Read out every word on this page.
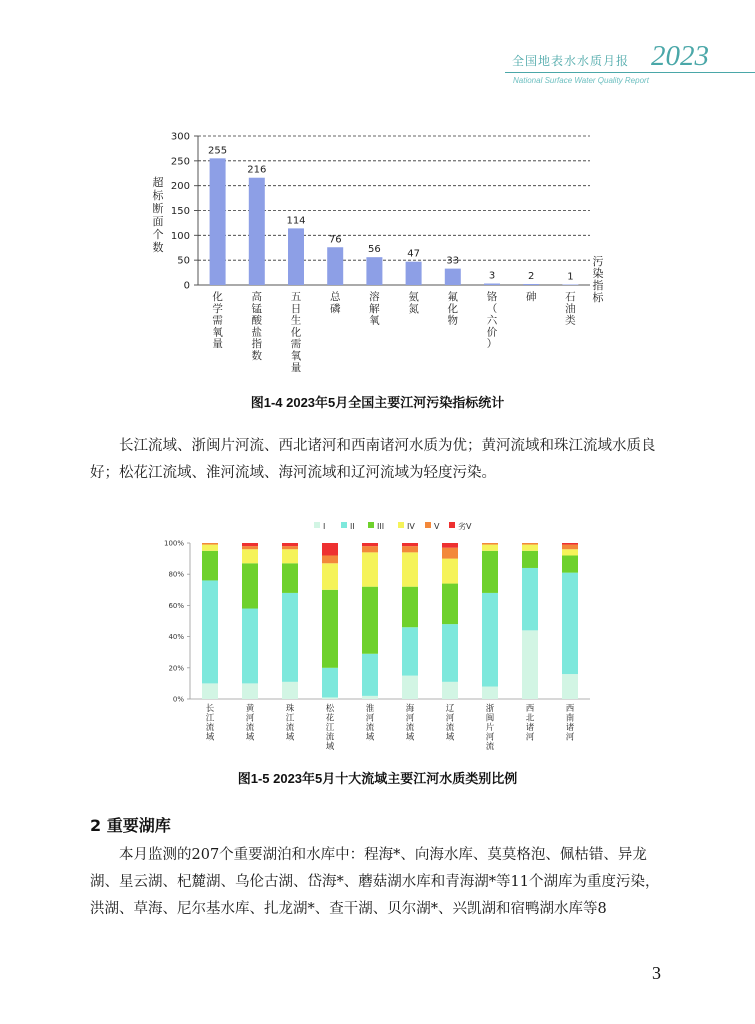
全国地表水水质月报 2023
National Surface Water Quality Report
0
50
100
150
200
250
300
超
标
断
面
个
数
污
染
指
标
255
化
学
需
氧
量
216
高
锰
酸
盐
指
数
114
五
日
生
化
需
氧
量
76
总
磷
56
溶
解
氧
47
氨
氮
33
氟
化
物
3
铬
（
六
价
）
2
砷
1
石
油
类
图1-4 2023年5月全国主要江河污染指标统计

长江流域、浙闽片河流、西北诸河和西南诸河水质为优；黄河流域和珠江流域水质良好；松花江流域、淮河流域、海河流域和辽河流域为轻度污染。

I	II	III	IV V 劣V
0%
20%
40%
60%
80%
100%
长
江
流
域
黄
河
流
域
珠
江
流
域
松
花
江
流
域
淮
河
流
域
海
河
流
域
辽
河
流
域
浙
闽
片
河
流
西
北
诸
河
西
南
诸
河
图1-5 2023年5月十大流域主要江河水质类别比例
2 重要湖库

本月监测的207个重要湖泊和水库中：程海*、向海水库、莫莫格泡、佩枯错、异龙湖、星云湖、杞麓湖、乌伦古湖、岱海*、蘑菇湖水库和青海湖*等11个湖库为重度污染，洪湖、草海、尼尔基水库、扎龙湖*、查干湖、贝尔湖*、兴凯湖和宿鸭湖水库等8

3
